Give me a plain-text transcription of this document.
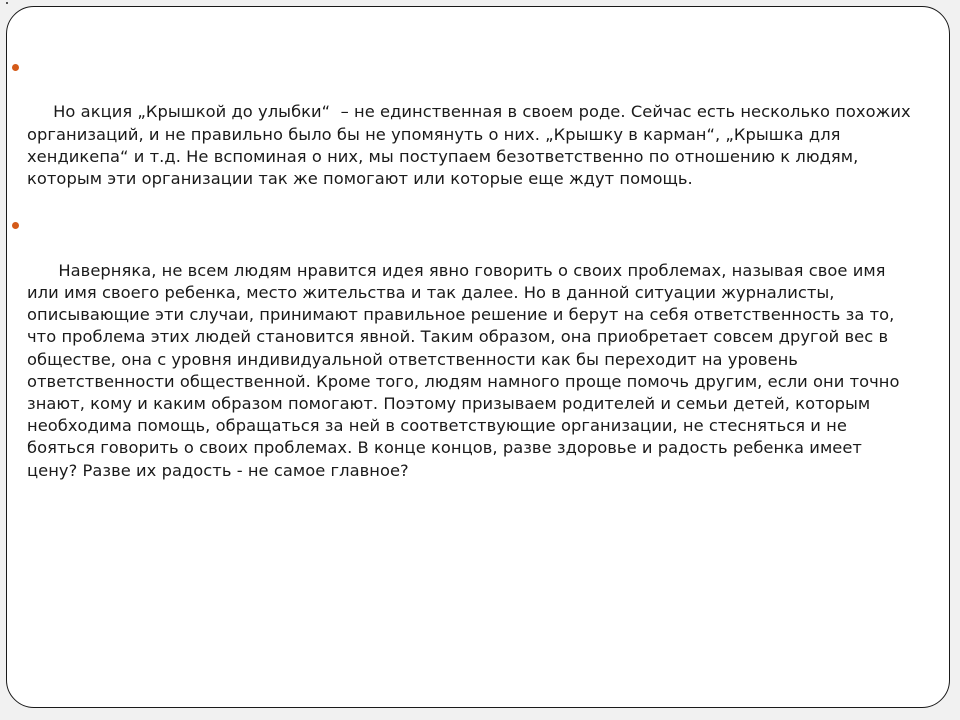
Но акция „Крышкой до улыбки“  – не единственная в своем роде. Сейчас есть несколько похожих организаций, и не правильно было бы не упомянуть о них. „Крышку в карман“, „Крышка для хендикепа“ и т.д. Не вспоминая о них, мы поступаем безответственно по отношению к людям, которым эти организации так же помогают или которые еще ждут помощь.

Наверняка, не всем людям нравится идея явно говорить о своих проблемах, называя свое имя или имя своего ребенка, место жительства и так далее. Но в данной ситуации журналисты, описывающие эти случаи, принимают правильное решение и берут на себя ответственность за то, что проблема этих людей становится явной. Таким образом, она приобретает совсем другой вес в обществе, она с уровня индивидуальной ответственности как бы переходит на уровень ответственности общественной. Кроме того, людям намного проще помочь другим, если они точно знают, кому и каким образом помогают. Поэтому призываем родителей и семьи детей, которым необходима помощь, обращаться за ней в соответствующие организации, не стесняться и не бояться говорить о своих проблемах. В конце концов, разве здоровье и радость ребенка имеет цену? Разве их радость - не самое главное?
